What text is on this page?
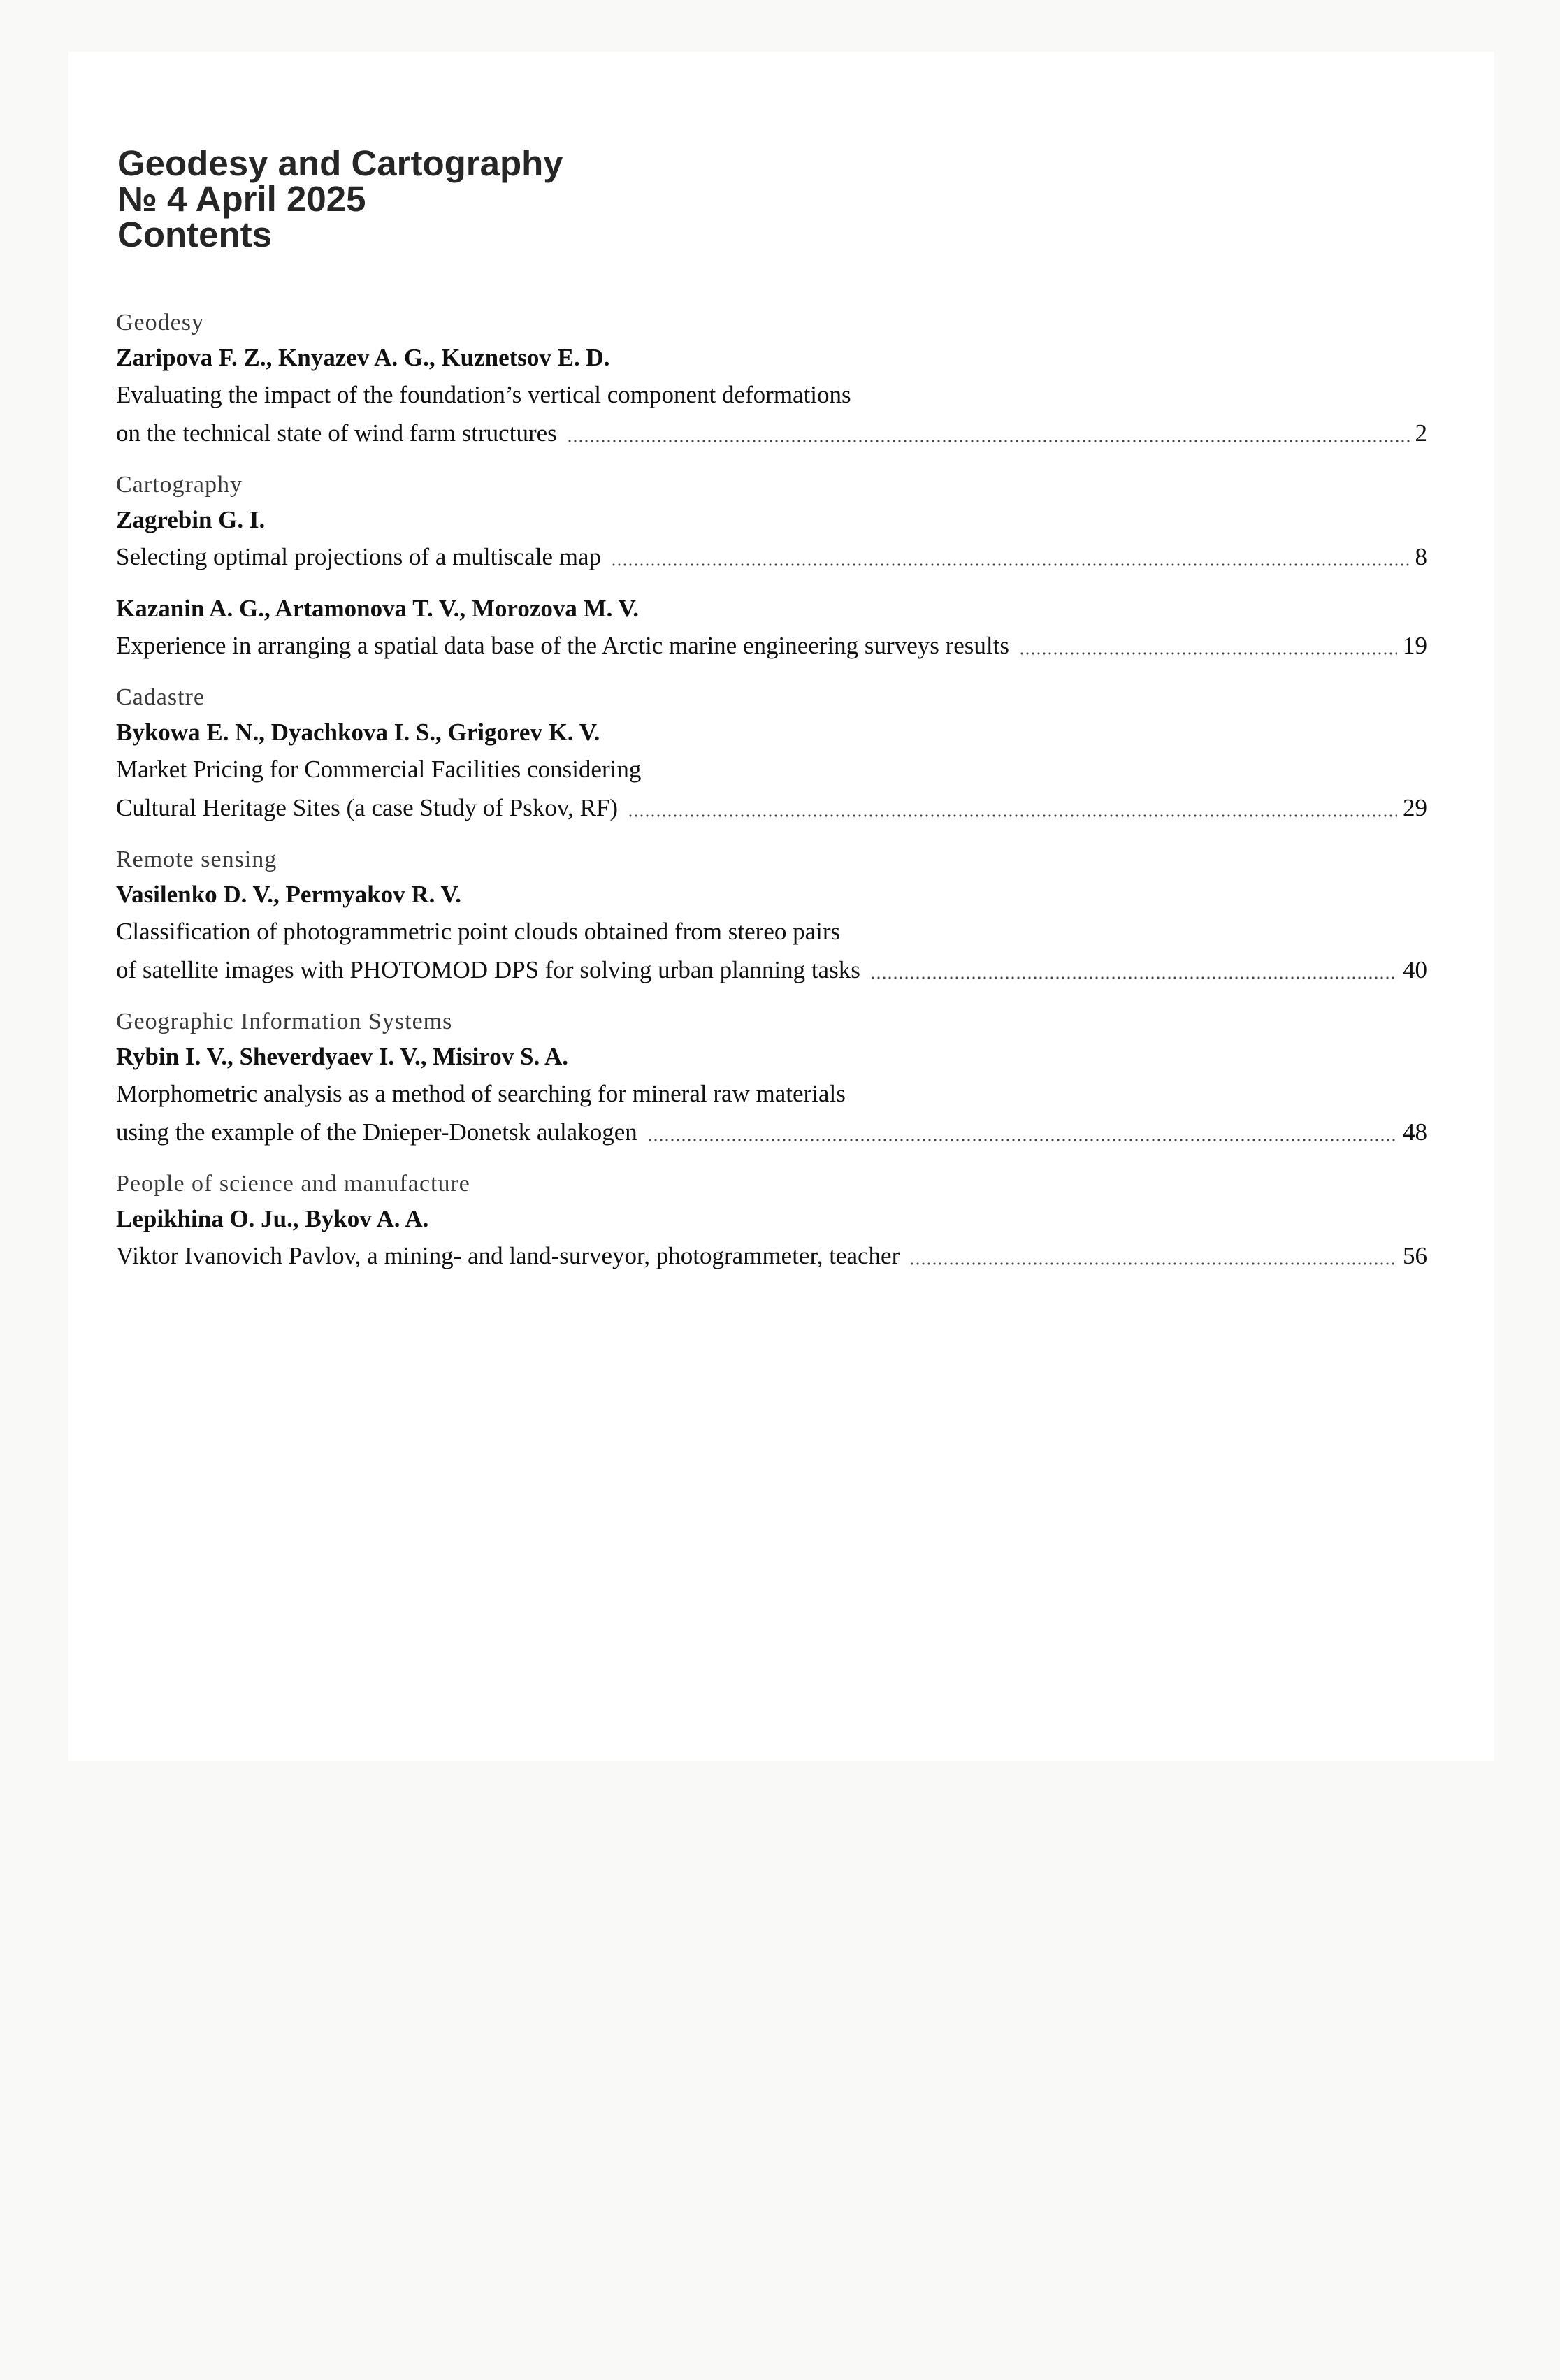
Geodesy and Cartography
№ 4 April 2025
Contents
Geodesy
Zaripova F. Z., Knyazev A. G., Kuznetsov E. D.
Evaluating the impact of the foundation’s vertical component deformations
on the technical state of wind farm structures	2
Cartography
Zagrebin G. I.
Selecting optimal projections of a multiscale map	8
Kazanin A. G., Artamonova T. V., Morozova M. V.
Experience in arranging a spatial data base of the Arctic marine engineering surveys results	19
Cadastre
Bykowa E. N., Dyachkova I. S., Grigorev K. V.
Market Pricing for Commercial Facilities considering
Cultural Heritage Sites (a case Study of Pskov, RF)	29
Remote sensing
Vasilenko D. V., Permyakov R. V.
Classification of photogrammetric point clouds obtained from stereo pairs
of satellite images with PHOTOMOD DPS for solving urban planning tasks	40
Geographic Information Systems
Rybin I. V., Sheverdyaev I. V., Misirov S. A.
Morphometric analysis as a method of searching for mineral raw materials
using the example of the Dnieper-Donetsk aulakogen	48
People of science and manufacture
Lepikhina O. Ju., Bykov A. A.
Viktor Ivanovich Pavlov, a mining- and land-surveyor, photogrammeter, teacher	56
